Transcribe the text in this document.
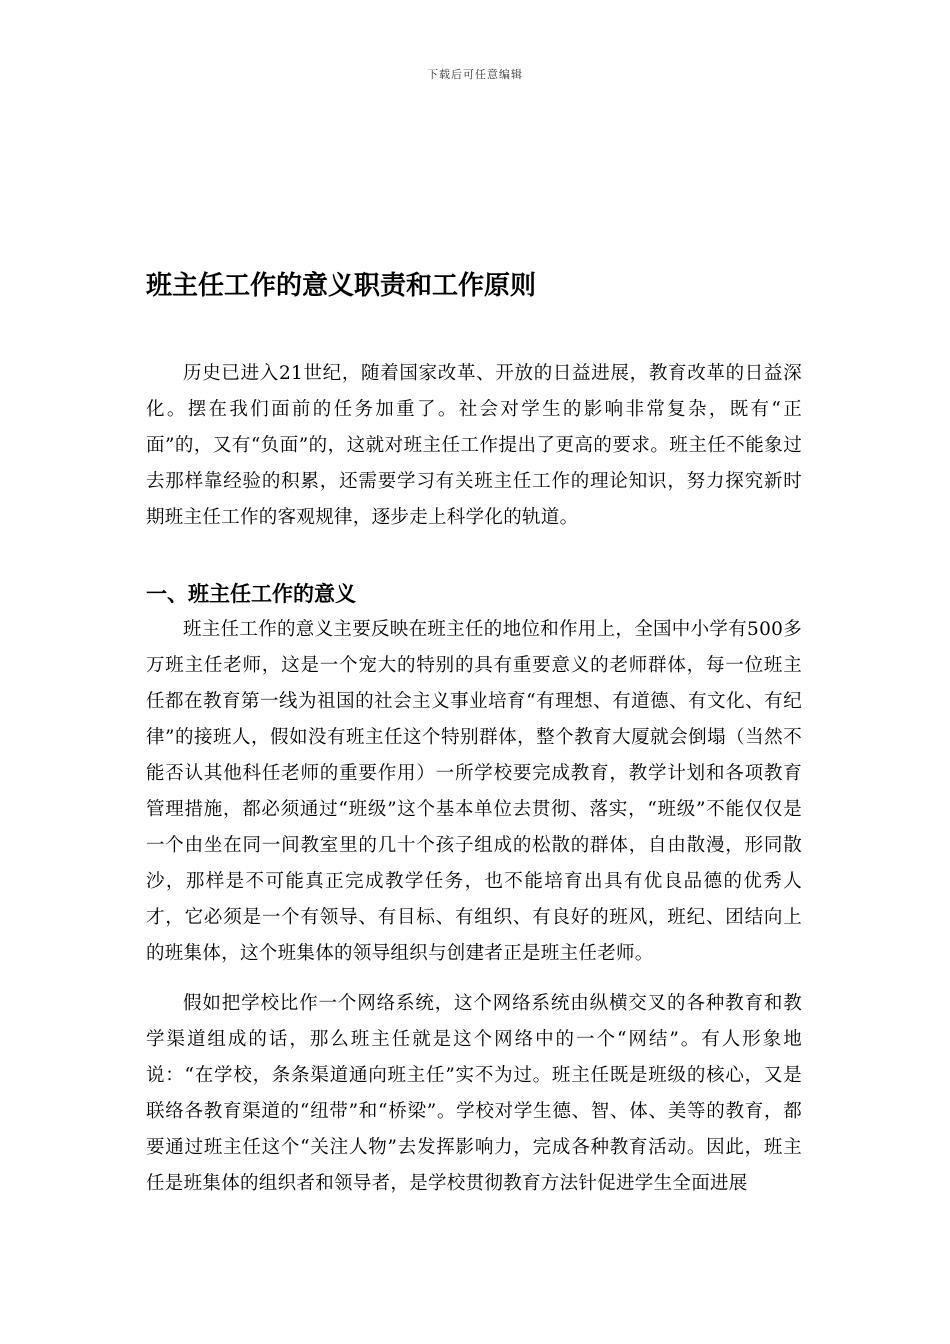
下载后可任意编辑
班主任工作的意义职责和工作原则

历史已进入21世纪，随着国家改革、开放的日益进展，教育改革的日益深化。摆在我们面前的任务加重了。社会对学生的影响非常复杂，既有“正面”的，又有“负面”的，这就对班主任工作提出了更高的要求。班主任不能象过去那样靠经验的积累，还需要学习有关班主任工作的理论知识，努力探究新时期班主任工作的客观规律，逐步走上科学化的轨道。

一、班主任工作的意义

班主任工作的意义主要反映在班主任的地位和作用上，全国中小学有500多万班主任老师，这是一个宠大的特别的具有重要意义的老师群体，每一位班主任都在教育第一线为祖国的社会主义事业培育“有理想、有道德、有文化、有纪律”的接班人，假如没有班主任这个特别群体，整个教育大厦就会倒塌（当然不能否认其他科任老师的重要作用）一所学校要完成教育，教学计划和各项教育管理措施，都必须通过“班级”这个基本单位去贯彻、落实，“班级”不能仅仅是一个由坐在同一间教室里的几十个孩子组成的松散的群体，自由散漫，形同散沙，那样是不可能真正完成教学任务，也不能培育出具有优良品德的优秀人才，它必须是一个有领导、有目标、有组织、有良好的班风，班纪、团结向上的班集体，这个班集体的领导组织与创建者正是班主任老师。

假如把学校比作一个网络系统，这个网络系统由纵横交叉的各种教育和教学渠道组成的话，那么班主任就是这个网络中的一个“网结”。有人形象地说：“在学校，条条渠道通向班主任”实不为过。班主任既是班级的核心，又是联络各教育渠道的“纽带”和“桥梁”。学校对学生德、智、体、美等的教育，都要通过班主任这个“关注人物”去发挥影响力，完成各种教育活动。因此，班主任是班集体的组织者和领导者，是学校贯彻教育方法针促进学生全面进展
